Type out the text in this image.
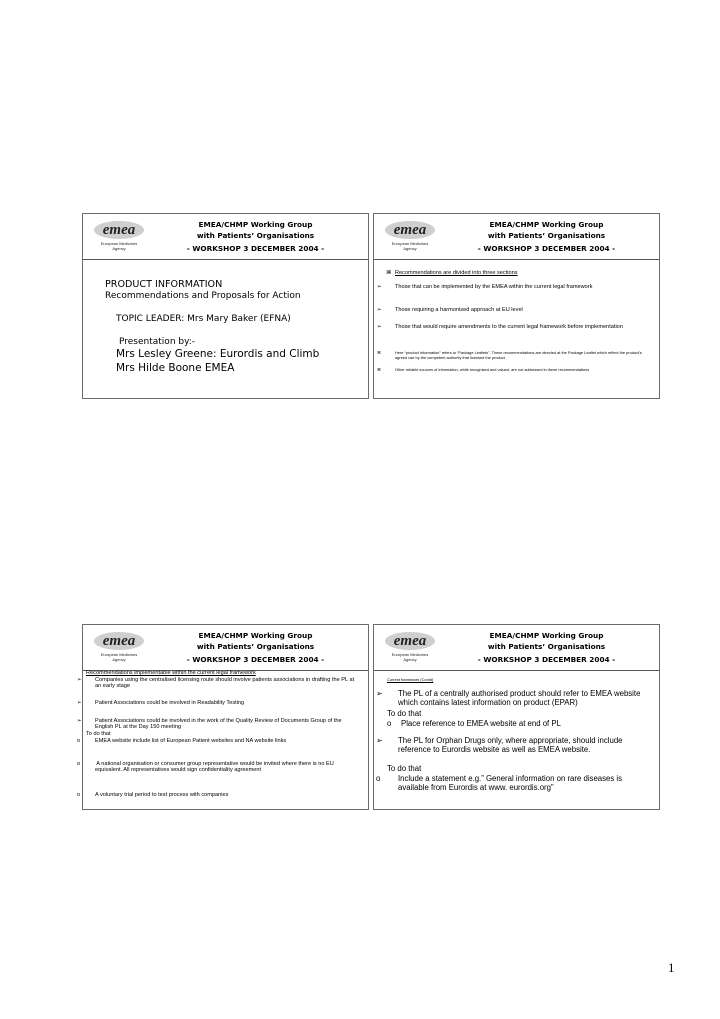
emea
European Medicines
Agency
EMEA/CHMP Working Group
with Patients’ Organisations
- WORKSHOP 3 DECEMBER 2004 -

PRODUCT INFORMATION

Recommendations and Proposals for Action

TOPIC LEADER: Mrs Mary Baker (EFNA)

Presentation by:-

Mrs Lesley Greene: Eurordis and Climb

Mrs Hilde Boone EMEA

emea
European Medicines
Agency
EMEA/CHMP Working Group
with Patients’ Organisations
- WORKSHOP 3 DECEMBER 2004 -

⌘ Recommendations are divided into three sections

➢ Those that can be implemented by the EMEA within the current legal framework

➢ Those requiring a harmonised approach at EU level

➢ Those that would require amendments to the current legal framework before implementation

⌘	Here “product Information” refers to “Package Leaflets”. These recommendations are directed at the Package Leaflet which reflect the product’s agreed use by the competent authority that licensed the product

⌘	Other reliable sources of information, while recognised and valued, are not addressed in these recommendations

emea
European Medicines
Agency
EMEA/CHMP Working Group
with Patients’ Organisations
- WORKSHOP 3 DECEMBER 2004 -

Recommendations implementable within the current legal framework

➢ Companies using the centralised licensing route should involve patients associations in drafting the PL at an early stage

➢ Patient Associations could be involved in Readability Testing

➢ Patient Associations could be involved in the work of the Quality Review of Documents Group of the English PL at the Day 150 meeting

To do that

o	EMEA website include list of European Patient websites and NA website links

o	A national organisation or consumer group representative would be invited where there is no EU equivalent. All representatives would sign confidentiality agreement

o	A voluntary trial period to test process with companies

emea
European Medicines
Agency
EMEA/CHMP Working Group
with Patients’ Organisations
- WORKSHOP 3 DECEMBER 2004 -

Current framework (Contd)

➢ The PL of a centrally authorised product should refer to EMEA website which contains latest information on product (EPAR)

To do that

o Place reference to EMEA website at end of PL

➢ The PL for Orphan Drugs only, where appropriate, should include reference to Eurordis website as well as EMEA website.

To do that

o Include a statement e.g.” General information on rare diseases is available from Eurordis at www. eurordis.org”

1
